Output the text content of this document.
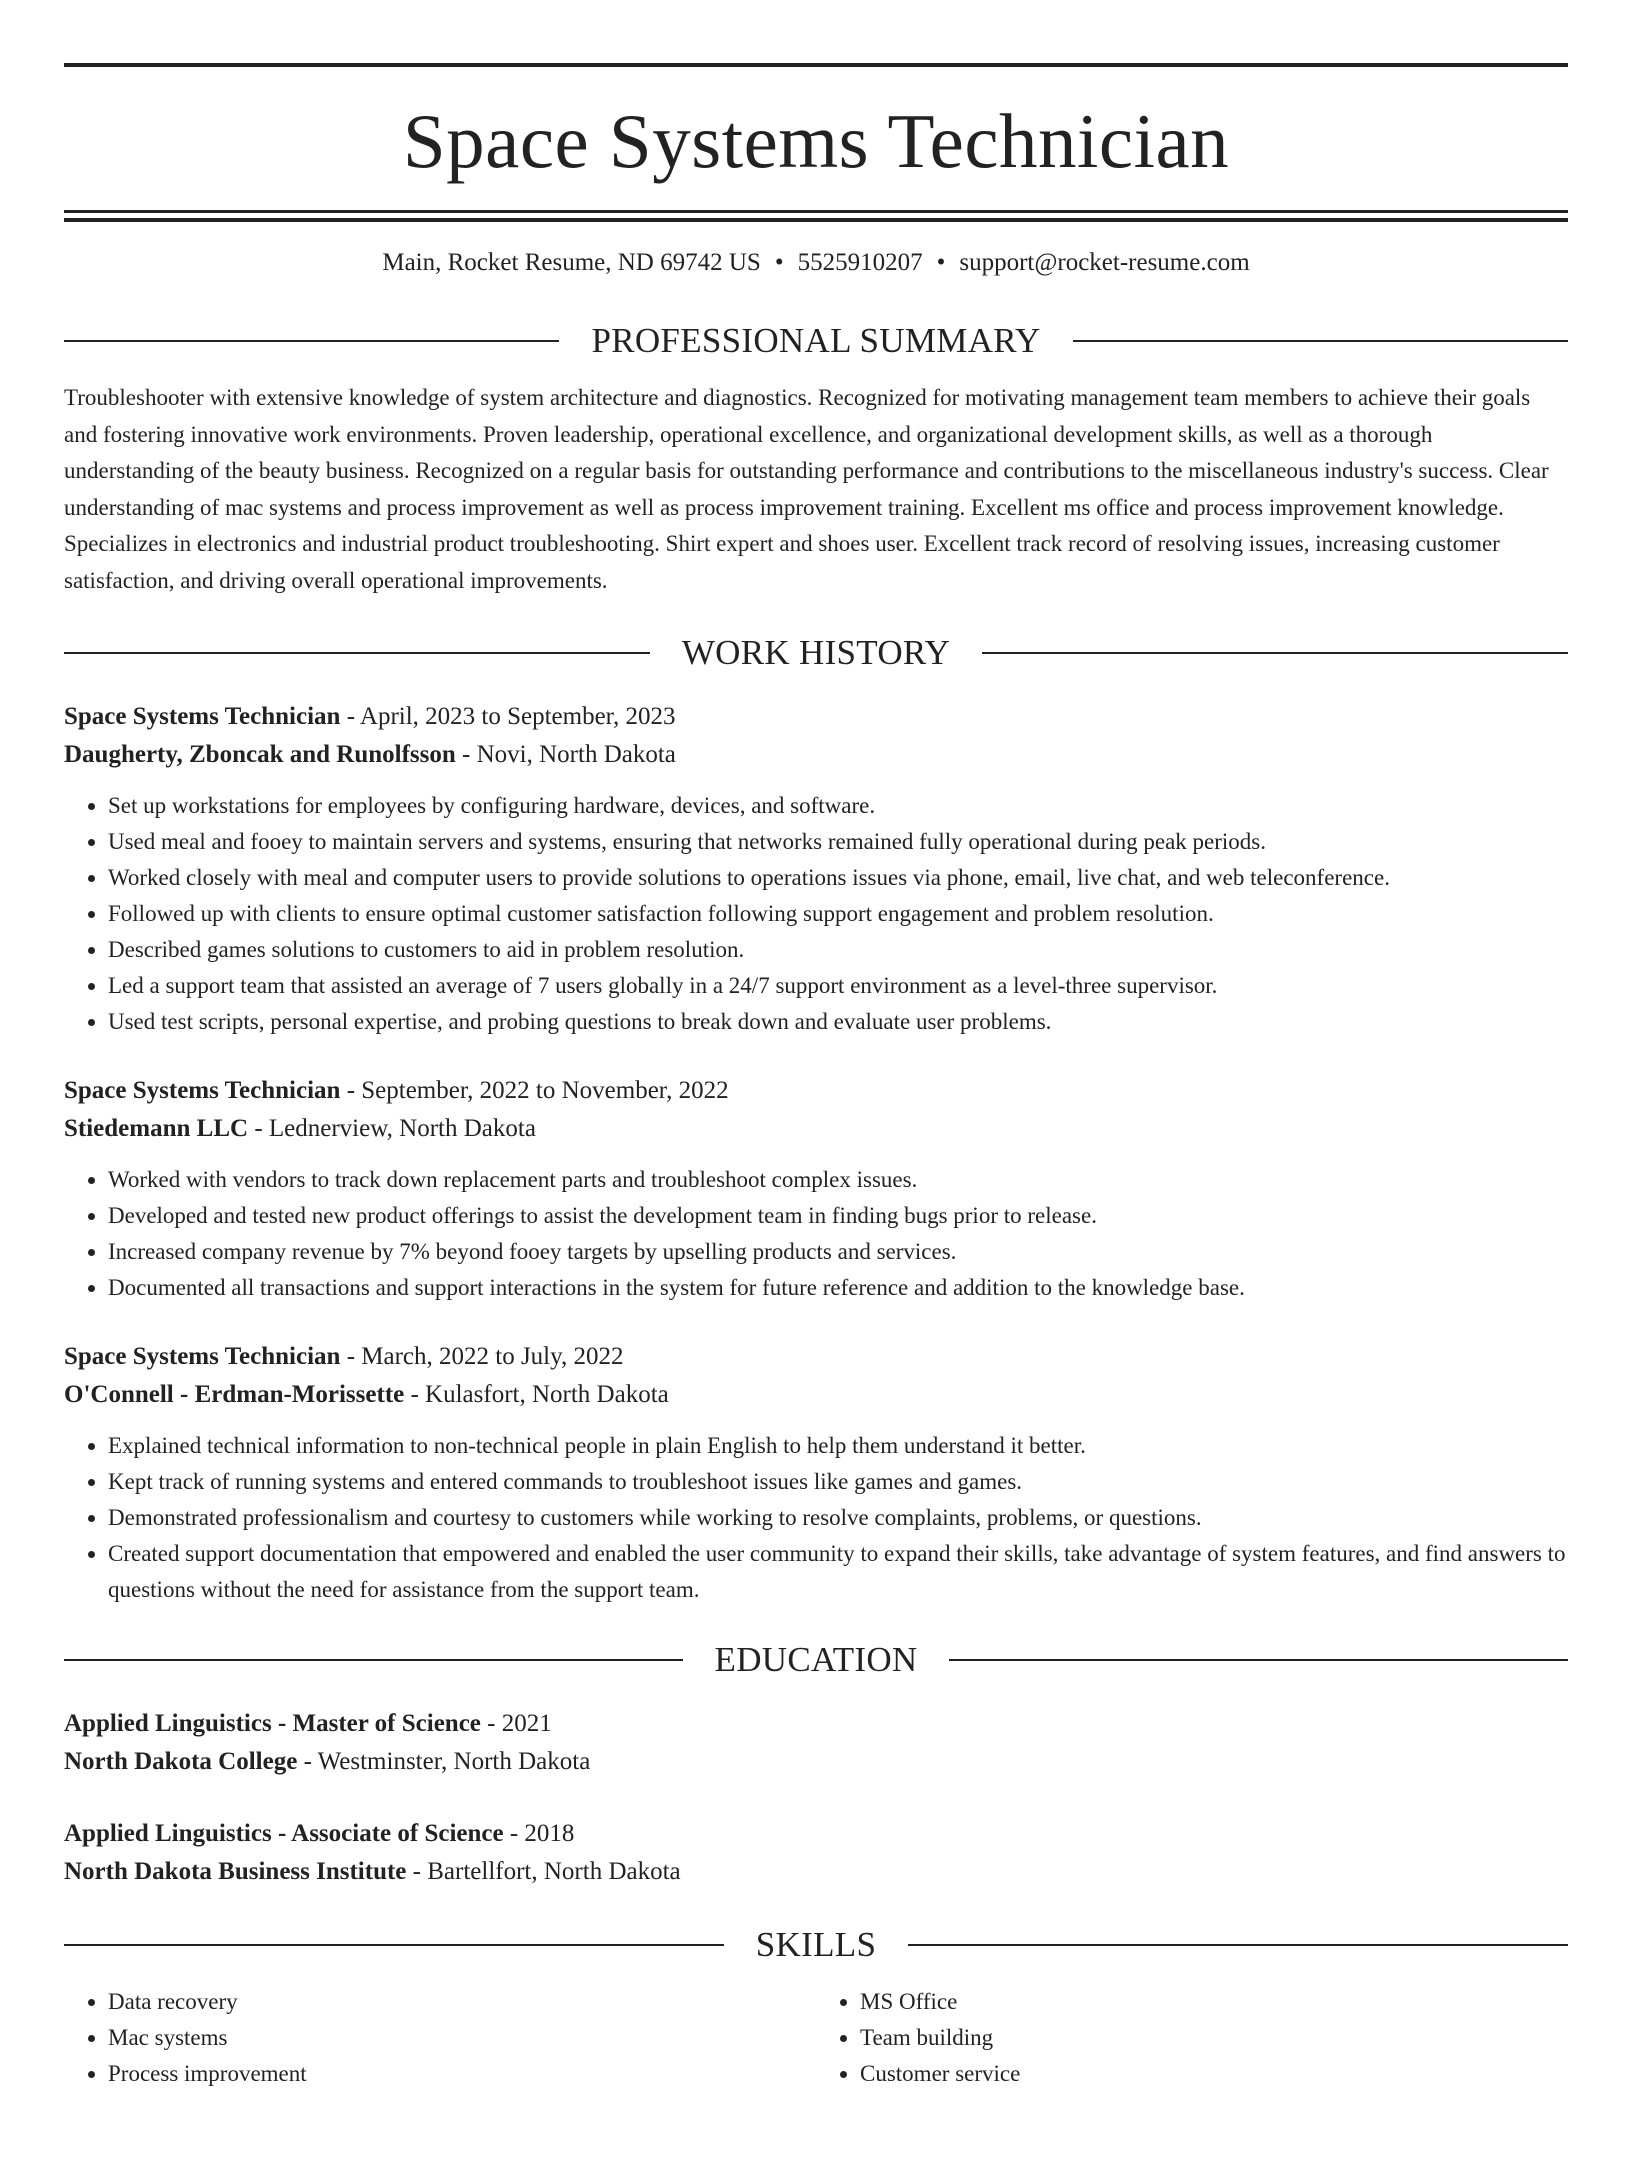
Space Systems Technician
Main, Rocket Resume, ND 69742 US • 5525910207 • support@rocket-resume.com
PROFESSIONAL SUMMARY

Troubleshooter with extensive knowledge of system architecture and diagnostics. Recognized for motivating management team members to achieve their goals and fostering innovative work environments. Proven leadership, operational excellence, and organizational development skills, as well as a thorough understanding of the beauty business. Recognized on a regular basis for outstanding performance and contributions to the miscellaneous industry's success. Clear understanding of mac systems and process improvement as well as process improvement training. Excellent ms office and process improvement knowledge. Specializes in electronics and industrial product troubleshooting. Shirt expert and shoes user. Excellent track record of resolving issues, increasing customer satisfaction, and driving overall operational improvements.

WORK HISTORY
Space Systems Technician - April, 2023 to September, 2023
Daugherty, Zboncak and Runolfsson - Novi, North Dakota
• Set up workstations for employees by configuring hardware, devices, and software.
• Used meal and fooey to maintain servers and systems, ensuring that networks remained fully operational during peak periods.
• Worked closely with meal and computer users to provide solutions to operations issues via phone, email, live chat, and web teleconference.
• Followed up with clients to ensure optimal customer satisfaction following support engagement and problem resolution.
• Described games solutions to customers to aid in problem resolution.
• Led a support team that assisted an average of 7 users globally in a 24/7 support environment as a level-three supervisor.
• Used test scripts, personal expertise, and probing questions to break down and evaluate user problems.
Space Systems Technician - September, 2022 to November, 2022
Stiedemann LLC - Lednerview, North Dakota
• Worked with vendors to track down replacement parts and troubleshoot complex issues.
• Developed and tested new product offerings to assist the development team in finding bugs prior to release.
• Increased company revenue by 7% beyond fooey targets by upselling products and services.
• Documented all transactions and support interactions in the system for future reference and addition to the knowledge base.
Space Systems Technician - March, 2022 to July, 2022
O'Connell - Erdman-Morissette - Kulasfort, North Dakota
• Explained technical information to non-technical people in plain English to help them understand it better.
• Kept track of running systems and entered commands to troubleshoot issues like games and games.
• Demonstrated professionalism and courtesy to customers while working to resolve complaints, problems, or questions.
• Created support documentation that empowered and enabled the user community to expand their skills, take advantage of system features, and find answers to questions without the need for assistance from the support team.
EDUCATION
Applied Linguistics - Master of Science - 2021
North Dakota College - Westminster, North Dakota
Applied Linguistics - Associate of Science - 2018
North Dakota Business Institute - Bartellfort, North Dakota
SKILLS
• Data recovery
• Mac systems
• Process improvement
• MS Office
• Team building
• Customer service
